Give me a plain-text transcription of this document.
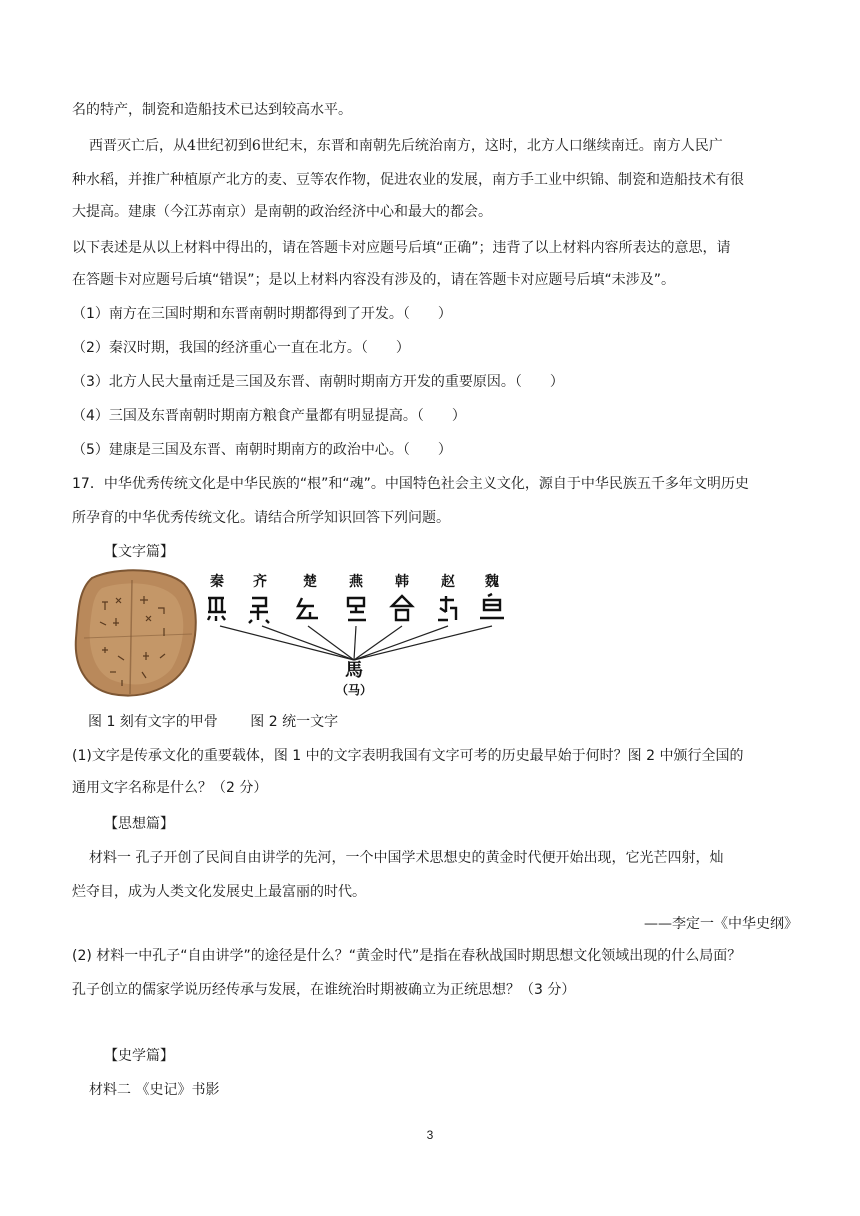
名的特产，制瓷和造船技术已达到较高水平。
西晋灭亡后，从4世纪初到6世纪末，东晋和南朝先后统治南方，这时，北方人口继续南迁。南方人民广
种水稻，并推广种植原产北方的麦、豆等农作物，促进农业的发展，南方手工业中织锦、制瓷和造船技术有很
大提高。建康（今江苏南京）是南朝的政治经济中心和最大的都会。
以下表述是从以上材料中得出的，请在答题卡对应题号后填“正确”；违背了以上材料内容所表达的意思，请
在答题卡对应题号后填“错误”；是以上材料内容没有涉及的，请在答题卡对应题号后填“未涉及”。
（1）南方在三国时期和东晋南朝时期都得到了开发。（　　）
（2）秦汉时期，我国的经济重心一直在北方。（　　）
（3）北方人民大量南迁是三国及东晋、南朝时期南方开发的重要原因。（　　）
（4）三国及东晋南朝时期南方粮食产量都有明显提高。（　　）
（5）建康是三国及东晋、南朝时期南方的政治中心。（　　）
17．中华优秀传统文化是中华民族的“根”和“魂”。中国特色社会主义文化，源自于中华民族五千多年文明历史
所孕育的中华优秀传统文化。请结合所学知识回答下列问题。
【文字篇】
秦 齐	楚 燕 韩 赵 魏
馬
（马）
图 1 刻有文字的甲骨　　 图 2 统一文字
(1)文字是传承文化的重要载体，图 1 中的文字表明我国有文字可考的历史最早始于何时？图 2 中颁行全国的
通用文字名称是什么？（2 分）
【思想篇】
材料一 孔子开创了民间自由讲学的先河，一个中国学术思想史的黄金时代便开始出现，它光芒四射，灿
烂夺目，成为人类文化发展史上最富丽的时代。
——李定一《中华史纲》
(2) 材料一中孔子“自由讲学”的途径是什么？“黄金时代”是指在春秋战国时期思想文化领域出现的什么局面？
孔子创立的儒家学说历经传承与发展，在谁统治时期被确立为正统思想？（3 分）
【史学篇】
材料二 《史记》书影
3
